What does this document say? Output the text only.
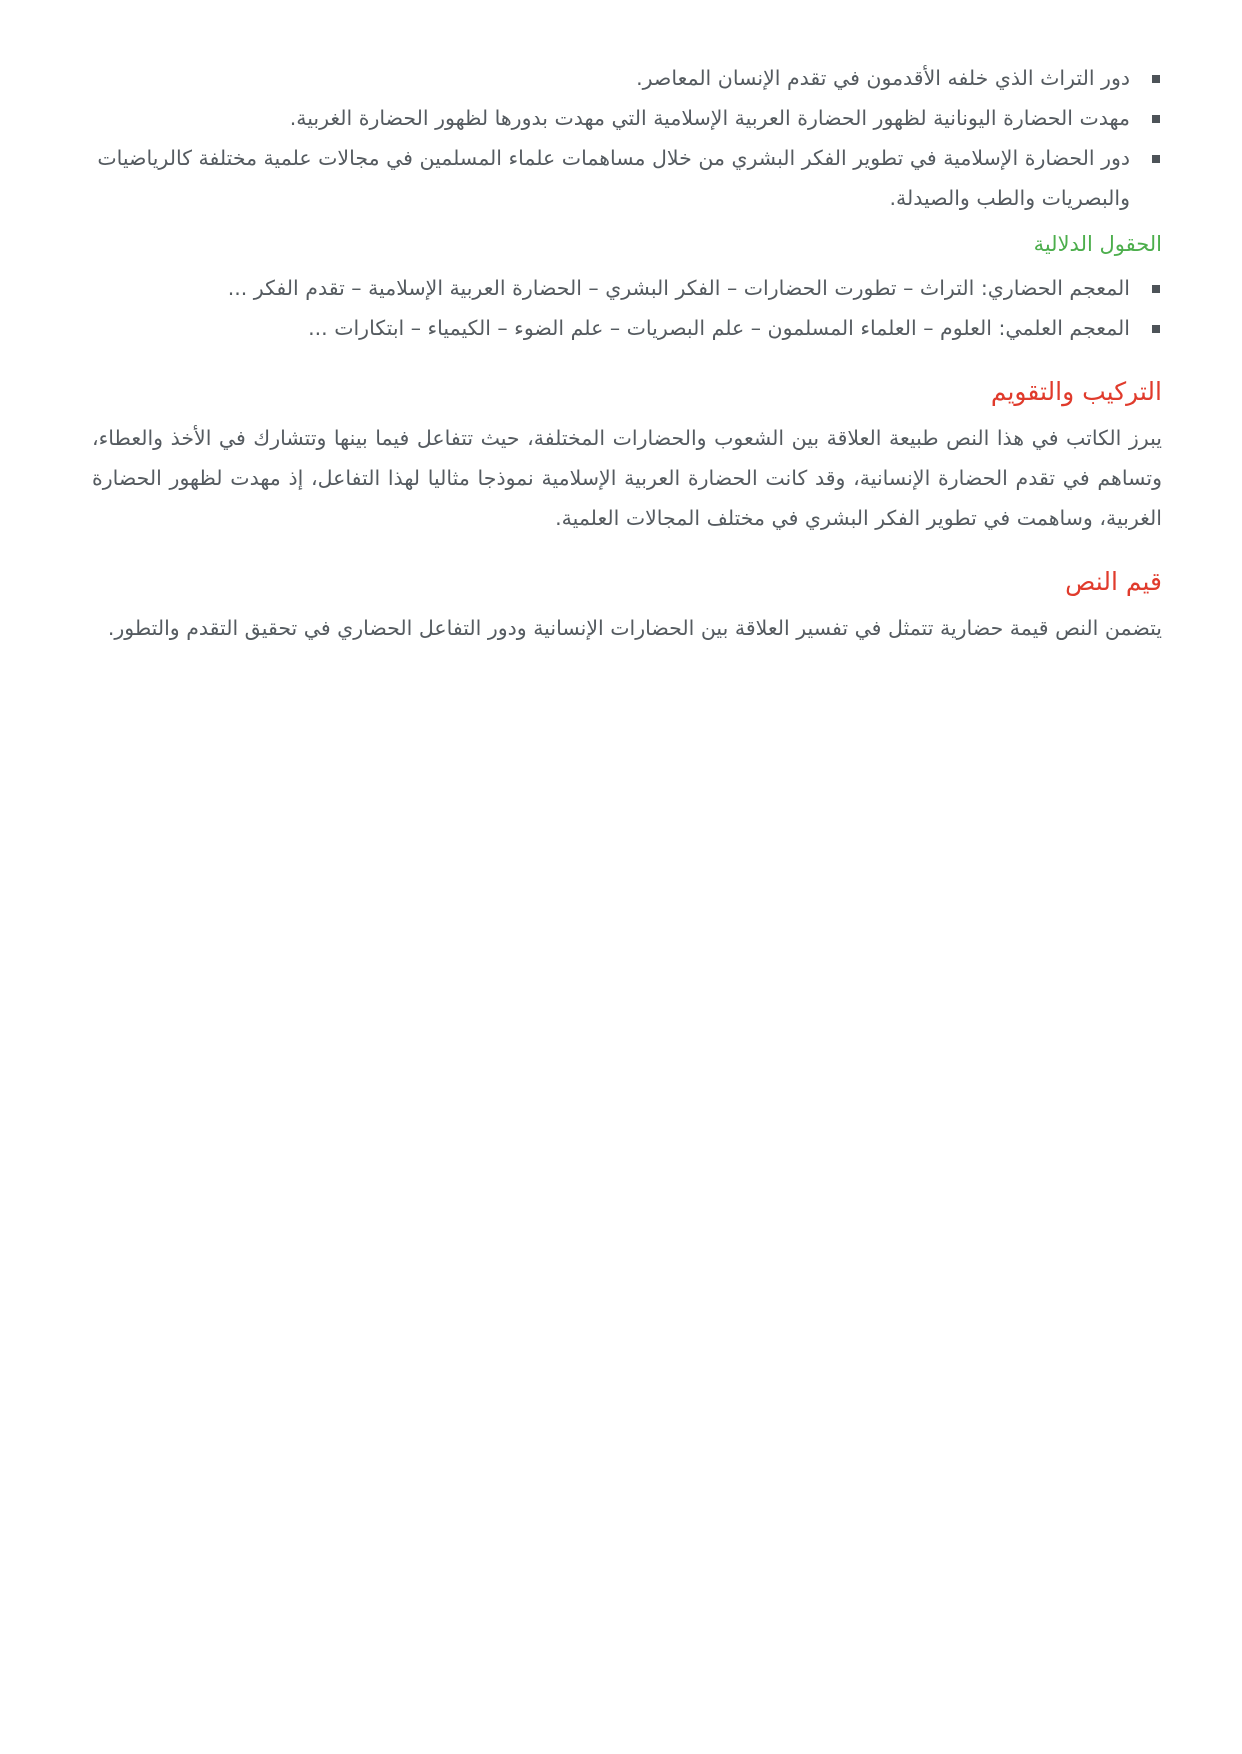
دور التراث الذي خلفه الأقدمون في تقدم الإنسان المعاصر.
مهدت الحضارة اليونانية لظهور الحضارة العربية الإسلامية التي مهدت بدورها لظهور الحضارة الغربية.
دور الحضارة الإسلامية في تطوير الفكر البشري من خلال مساهمات علماء المسلمين في مجالات علمية مختلفة كالرياضيات والبصريات والطب والصيدلة.
الحقول الدلالية
المعجم الحضاري: التراث – تطورت الحضارات – الفكر البشري – الحضارة العربية الإسلامية – تقدم الفكر ...
المعجم العلمي: العلوم – العلماء المسلمون – علم البصريات – علم الضوء – الكيمياء – ابتكارات ...
التركيب والتقويم

يبرز الكاتب في هذا النص طبيعة العلاقة بين الشعوب والحضارات المختلفة، حيث تتفاعل فيما بينها وتتشارك في الأخذ والعطاء، وتساهم في تقدم الحضارة الإنسانية، وقد كانت الحضارة العربية الإسلامية نموذجا مثاليا لهذا التفاعل، إذ مهدت لظهور الحضارة الغربية، وساهمت في تطوير الفكر البشري في مختلف المجالات العلمية.

قيم النص

يتضمن النص قيمة حضارية تتمثل في تفسير العلاقة بين الحضارات الإنسانية ودور التفاعل الحضاري في تحقيق التقدم والتطور.
